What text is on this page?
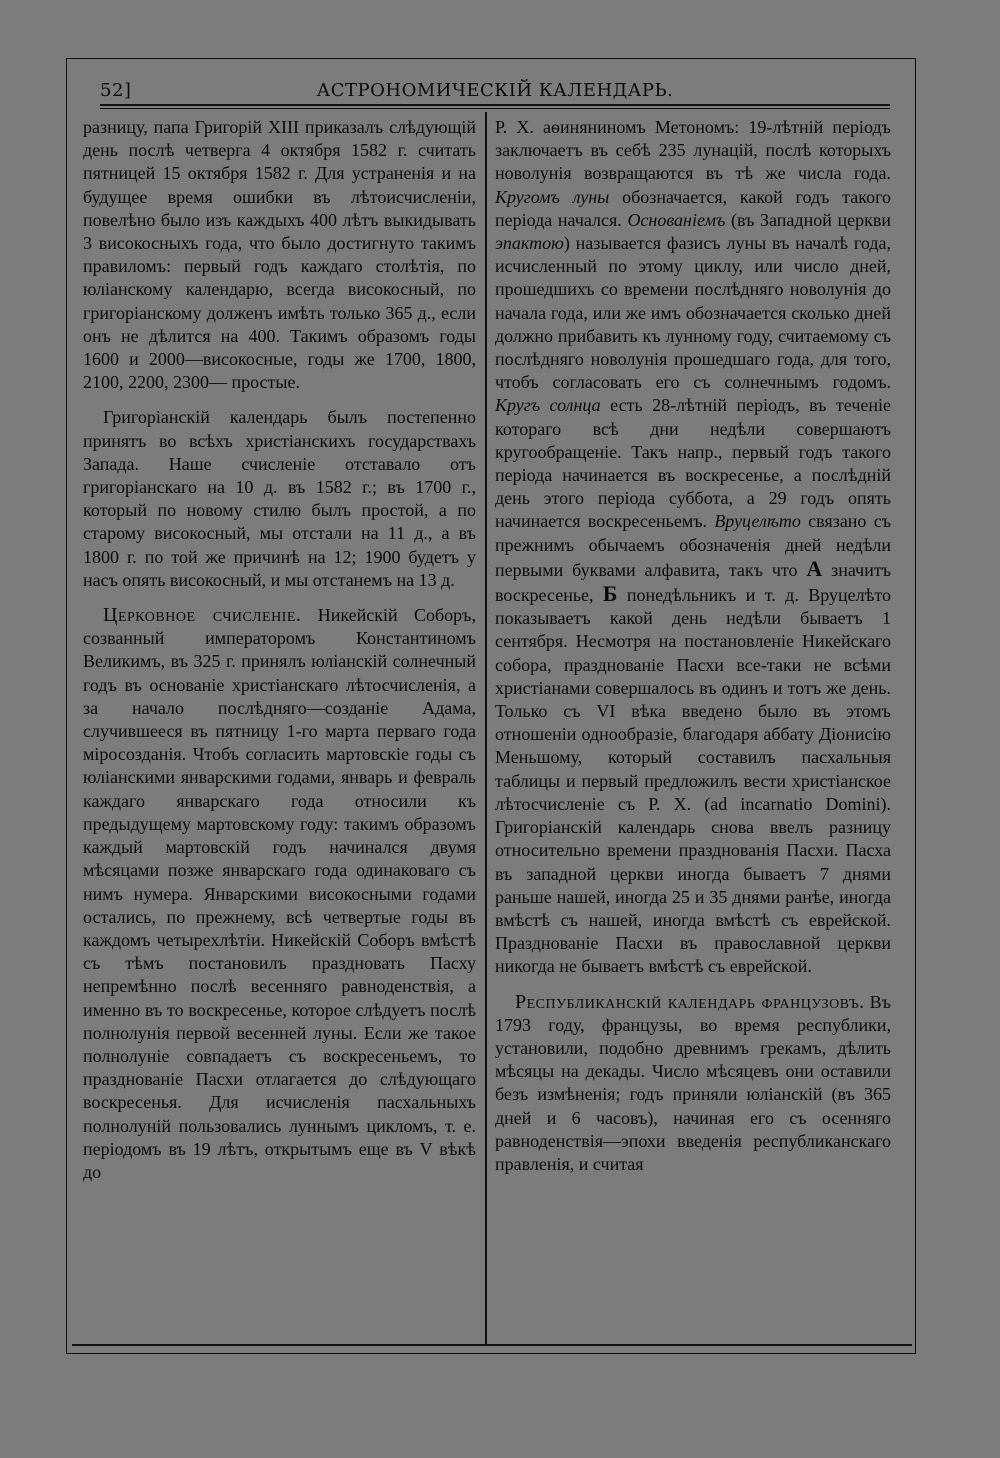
52]	АСТРОНОМИЧЕСКІЙ КАЛЕНДАРЬ.

разницу, папа Григорій XIII приказалъ слѣдующій день послѣ четверга 4 октября 1582 г. считать пятницей 15 октября 1582 г. Для устраненія и на будущее время ошибки въ лѣтоисчисленіи, повелѣно было изъ каждыхъ 400 лѣтъ выкидывать 3 високосныхъ года, что было достигнуто такимъ правиломъ: первый годъ каждаго столѣтія, по юліанскому календарю, всегда високосный, по григоріанскому долженъ имѣть только 365 д., если онъ не дѣлится на 400. Такимъ образомъ годы 1600 и 2000—високосные, годы же 1700, 1800, 2100, 2200, 2300— простые.

Григоріанскій календарь былъ постепенно принятъ во всѣхъ христіанскихъ государствахъ Запада. Наше счисленіе отставало отъ григоріанскаго на 10 д. въ 1582 г.; въ 1700 г., который по новому стилю былъ простой, а по старому високосный, мы отстали на 11 д., а въ 1800 г. по той же причинѣ на 12; 1900 будетъ у насъ опять високосный, и мы отстанемъ на 13 д.

Церковное счисленіе. Никейскій Соборъ, созванный императоромъ Константиномъ Великимъ, въ 325 г. принялъ юліанскій солнечный годъ въ основаніе христіанскаго лѣтосчисленія, а за начало послѣдняго—созданіе Адама, случившееся въ пятницу 1-го марта перваго года міросозданія. Чтобъ согласить мартовскіе годы съ юліанскими январскими годами, январь и февраль каждаго январскаго года относили къ предыдущему мартовскому году: такимъ образомъ каждый мартовскій годъ начинался двумя мѣсяцами позже январскаго года одинаковаго съ нимъ нумера. Январскими високосными годами остались, по прежнему, всѣ четвертые годы въ каждомъ четырехлѣтіи. Никейскій Соборъ вмѣстѣ съ тѣмъ постановилъ праздновать Пасху непремѣнно послѣ весенняго равноденствія, а именно въ то воскресенье, которое слѣдуетъ послѣ полнолунія первой весенней луны. Если же такое полнолуніе совпадаетъ съ воскресеньемъ, то празднованіе Пасхи отлагается до слѣдующаго воскресенья. Для исчисленія пасхальныхъ полнолуній пользовались луннымъ цикломъ, т. е. періодомъ въ 19 лѣтъ, открытымъ еще въ V вѣкѣ до

Р. Х. аѳиняниномъ Метономъ: 19-лѣтній періодъ заключаетъ въ себѣ 235 лунацій, послѣ которыхъ новолунія возвращаются въ тѣ же числа года. Кругомъ луны обозначается, какой годъ такого періода начался. Основаніемъ (въ Западной церкви эпактою) называется фазисъ луны въ началѣ года, исчисленный по этому циклу, или число дней, прошедшихъ со времени послѣдняго новолунія до начала года, или же имъ обозначается сколько дней должно прибавить къ лунному году, считаемому съ послѣдняго новолунія прошедшаго года, для того, чтобъ согласовать его съ солнечнымъ годомъ. Кругъ солнца есть 28-лѣтній періодъ, въ теченіе котораго всѣ дни недѣли совершаютъ кругообращеніе. Такъ напр., первый годъ такого періода начинается въ воскресенье, а послѣдній день этого періода суббота, а 29 годъ опять начинается воскресеньемъ. Вруцелѣто связано съ прежнимъ обычаемъ обозначенія дней недѣли первыми буквами алфавита, такъ что А значитъ воскресенье, Б понедѣльникъ и т. д. Вруцелѣто показываетъ какой день недѣли бываетъ 1 сентября. Несмотря на постановленіе Никейскаго собора, празднованіе Пасхи все-таки не всѣми христіанами совершалось въ одинъ и тотъ же день. Только съ VI вѣка введено было въ этомъ отношеніи однообразіе, благодаря аббату Діонисію Меньшому, который составилъ пасхальныя таблицы и первый предложилъ вести христіанское лѣтосчисленіе съ Р. Х. (ad incarnatio Domini). Григоріанскій календарь снова ввелъ разницу относительно времени празднованія Пасхи. Пасха въ западной церкви иногда бываетъ 7 днями раньше нашей, иногда 25 и 35 днями ранѣе, иногда вмѣстѣ съ нашей, иногда вмѣстѣ съ еврейской. Празднованіе Пасхи въ православной церкви никогда не бываетъ вмѣстѣ съ еврейской.

Республиканскій календарь французовъ. Въ 1793 году, французы, во время республики, установили, подобно древнимъ грекамъ, дѣлить мѣсяцы на декады. Число мѣсяцевъ они оставили безъ измѣненія; годъ приняли юліанскій (въ 365 дней и 6 часовъ), начиная его съ осенняго равноденствія—эпохи введенія республиканскаго правленія, и считая
